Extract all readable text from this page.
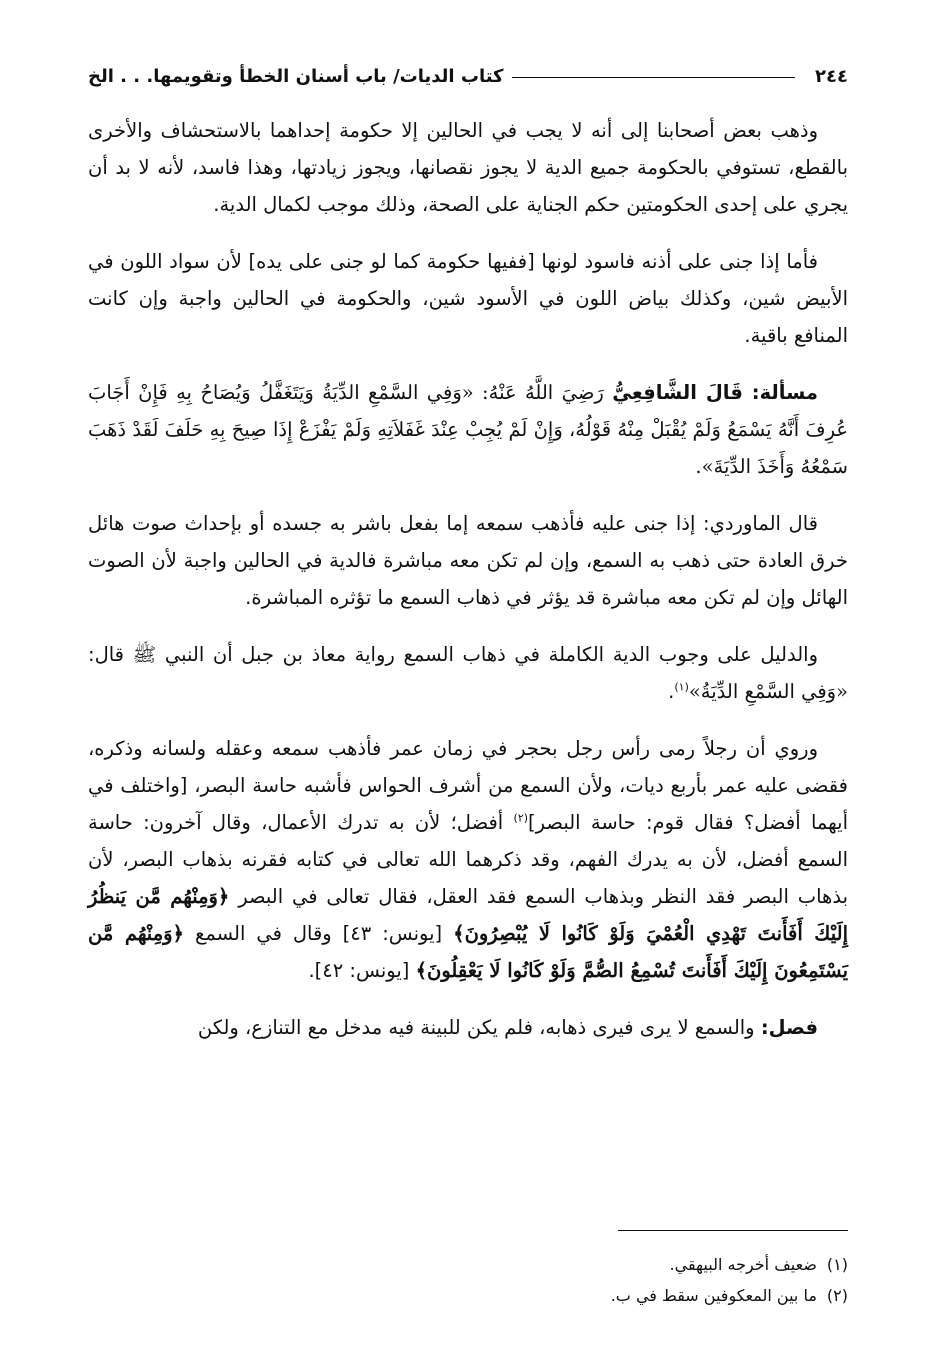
٢٤٤
كتاب الديات/ باب أسنان الخطأ وتقويمها. . . الخ

وذهب بعض أصحابنا إلى أنه لا يجب في الحالين إلا حكومة إحداهما بالاستحشاف والأخرى بالقطع، تستوفي بالحكومة جميع الدية لا يجوز نقصانها، ويجوز زيادتها، وهذا فاسد، لأنه لا بد أن يجري على إحدى الحكومتين حكم الجناية على الصحة، وذلك موجب لكمال الدية.

فأما إذا جنى على أذنه فاسود لونها [ففيها حكومة كما لو جنى على يده] لأن سواد اللون في الأبيض شين، وكذلك بياض اللون في الأسود شين، والحكومة في الحالين واجبة وإن كانت المنافع باقية.

مسألة: قَالَ الشَّافِعِيُّ رَضِيَ اللَّهُ عَنْهُ: «وَفِي السَّمْعِ الدِّيَةُ وَيَتَغَفَّلُ وَيُصَاحُ بِهِ فَإِنْ أَجَابَ عُرِفَ أَنَّهُ يَسْمَعُ وَلَمْ يُقْبَلْ مِنْهُ قَوْلُهُ، وَإِنْ لَمْ يُجِبْ عِنْدَ غَفَلاَتِهِ وَلَمْ يَفْزَعْ إِذَا صِيحَ بِهِ حَلَفَ لَقَدْ ذَهَبَ سَمْعُهُ وَأَخَذَ الدِّيَةَ».

قال الماوردي: إذا جنى عليه فأذهب سمعه إما بفعل باشر به جسده أو بإحداث صوت هائل خرق العادة حتى ذهب به السمع، وإن لم تكن معه مباشرة فالدية في الحالين واجبة لأن الصوت الهائل وإن لم تكن معه مباشرة قد يؤثر في ذهاب السمع ما تؤثره المباشرة.

والدليل على وجوب الدية الكاملة في ذهاب السمع رواية معاذ بن جبل أن النبي ﷺ قال: «وَفِي السَّمْعِ الدِّيَةُ»$^{(١)}$.

وروي أن رجلاً رمى رأس رجل بحجر في زمان عمر فأذهب سمعه وعقله ولسانه وذكره، فقضى عليه عمر بأربع ديات، ولأن السمع من أشرف الحواس فأشبه حاسة البصر، [واختلف في أيهما أفضل؟ فقال قوم: حاسة البصر]$^{(٢)}$ أفضل؛ لأن به تدرك الأعمال، وقال آخرون: حاسة السمع أفضل، لأن به يدرك الفهم، وقد ذكرهما الله تعالى في كتابه فقرنه بذهاب البصر، لأن بذهاب البصر فقد النظر وبذهاب السمع فقد العقل، فقال تعالى في البصر ﴿وَمِنْهُم مَّن يَنظُرُ إِلَيْكَ أَفَأَنتَ تَهْدِي الْعُمْيَ وَلَوْ كَانُوا لَا يُبْصِرُونَ﴾ [يونس: ٤٣] وقال في السمع ﴿وَمِنْهُم مَّن يَسْتَمِعُونَ إِلَيْكَ أَفَأَنتَ تُسْمِعُ الصُّمَّ وَلَوْ كَانُوا لَا يَعْقِلُونَ﴾ [يونس: ٤٢].

فصل: والسمع لا يرى فيرى ذهابه، فلم يكن للبينة فيه مدخل مع التنازع، ولكن

(١)ضعيف أخرجه البيهقي.

(٢)ما بين المعكوفين سقط في ب.
